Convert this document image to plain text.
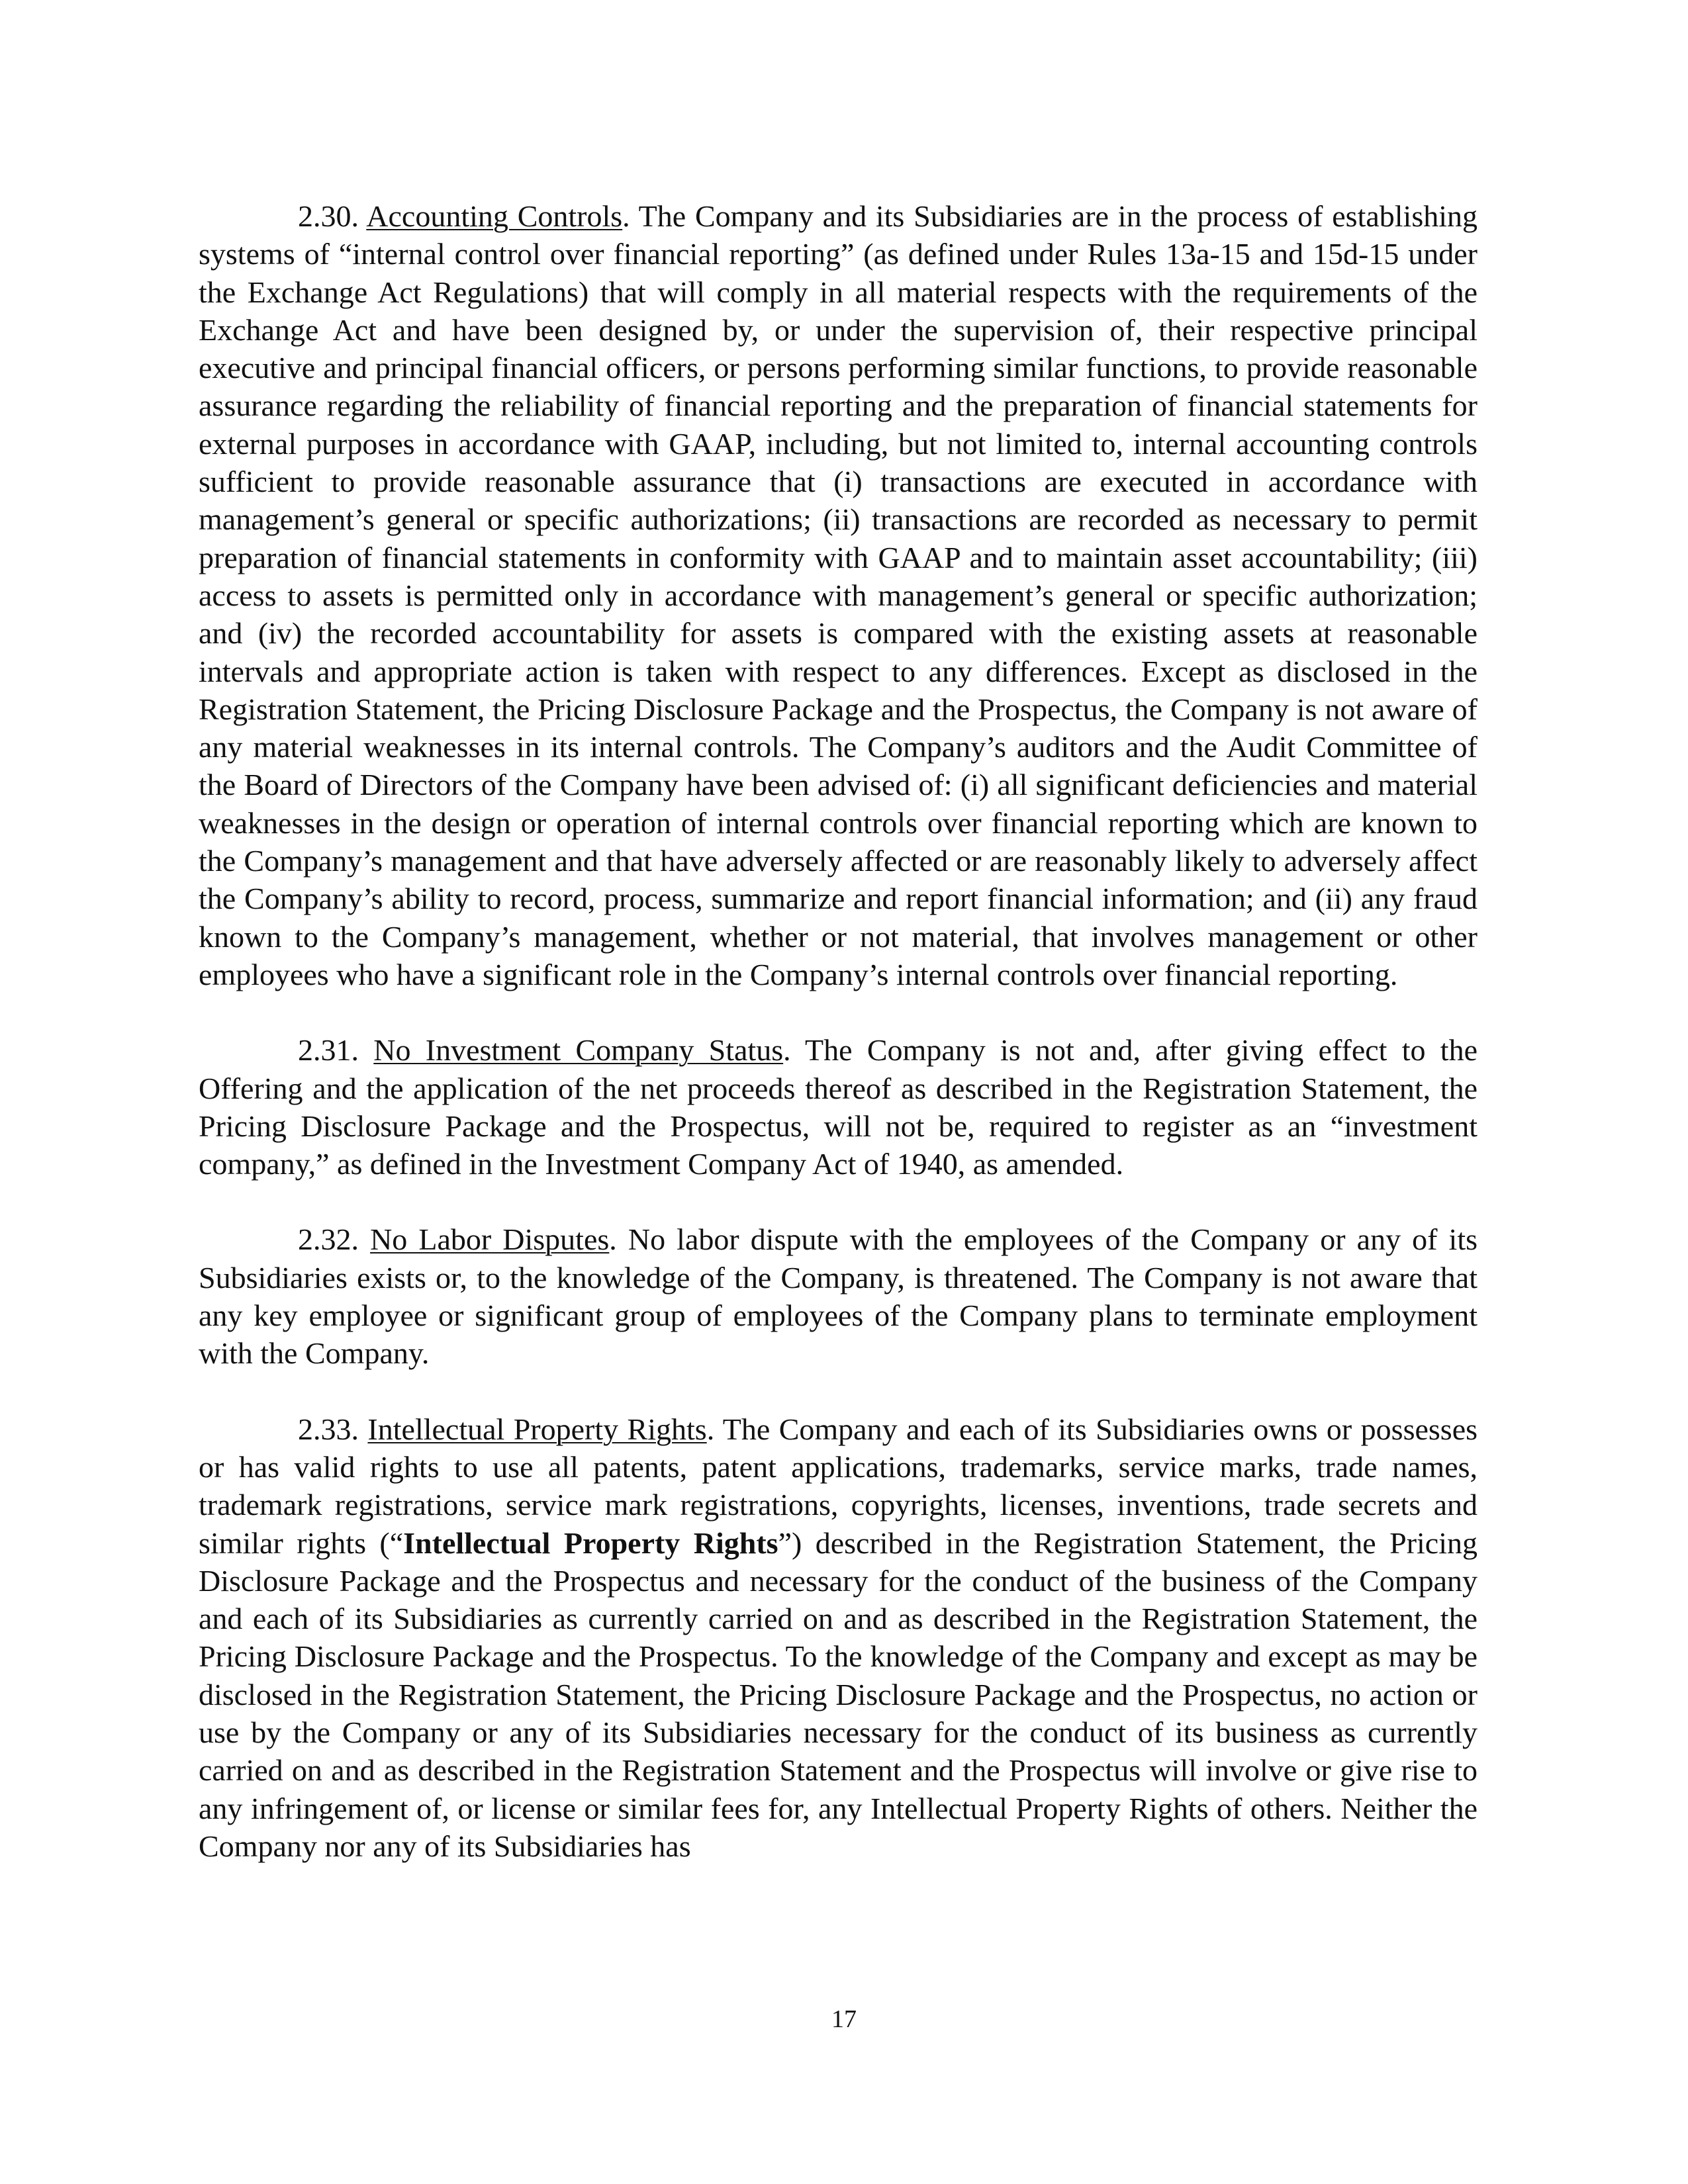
2.30. Accounting Controls. The Company and its Subsidiaries are in the process of establishing systems of “internal control over financial reporting” (as defined under Rules 13a-15 and 15d-15 under the Exchange Act Regulations) that will comply in all material respects with the requirements of the Exchange Act and have been designed by, or under the supervision of, their respective principal executive and principal financial officers, or persons performing similar functions, to provide reasonable assurance regarding the reliability of financial reporting and the preparation of financial statements for external purposes in accordance with GAAP, including, but not limited to, internal accounting controls sufficient to provide reasonable assurance that (i) transactions are executed in accordance with management’s general or specific authorizations; (ii) transactions are recorded as necessary to permit preparation of financial statements in conformity with GAAP and to maintain asset accountability; (iii) access to assets is permitted only in accordance with management’s general or specific authorization; and (iv) the recorded accountability for assets is compared with the existing assets at reasonable intervals and appropriate action is taken with respect to any differences. Except as disclosed in the Registration Statement, the Pricing Disclosure Package and the Prospectus, the Company is not aware of any material weaknesses in its internal controls. The Company’s auditors and the Audit Committee of the Board of Directors of the Company have been advised of: (i) all significant deficiencies and material weaknesses in the design or operation of internal controls over financial reporting which are known to the Company’s management and that have adversely affected or are reasonably likely to adversely affect the Company’s ability to record, process, summarize and report financial information; and (ii) any fraud known to the Company’s management, whether or not material, that involves management or other employees who have a significant role in the Company’s internal controls over financial reporting.

2.31. No Investment Company Status. The Company is not and, after giving effect to the Offering and the application of the net proceeds thereof as described in the Registration Statement, the Pricing Disclosure Package and the Prospectus, will not be, required to register as an “investment company,” as defined in the Investment Company Act of 1940, as amended.

2.32. No Labor Disputes. No labor dispute with the employees of the Company or any of its Subsidiaries exists or, to the knowledge of the Company, is threatened. The Company is not aware that any key employee or significant group of employees of the Company plans to terminate employment with the Company.

2.33. Intellectual Property Rights. The Company and each of its Subsidiaries owns or possesses or has valid rights to use all patents, patent applications, trademarks, service marks, trade names, trademark registrations, service mark registrations, copyrights, licenses, inventions, trade secrets and similar rights (“Intellectual Property Rights”) described in the Registration Statement, the Pricing Disclosure Package and the Prospectus and necessary for the conduct of the business of the Company and each of its Subsidiaries as currently carried on and as described in the Registration Statement, the Pricing Disclosure Package and the Prospectus. To the knowledge of the Company and except as may be disclosed in the Registration Statement, the Pricing Disclosure Package and the Prospectus, no action or use by the Company or any of its Subsidiaries necessary for the conduct of its business as currently carried on and as described in the Registration Statement and the Prospectus will involve or give rise to any infringement of, or license or similar fees for, any Intellectual Property Rights of others. Neither the Company nor any of its Subsidiaries has

17
